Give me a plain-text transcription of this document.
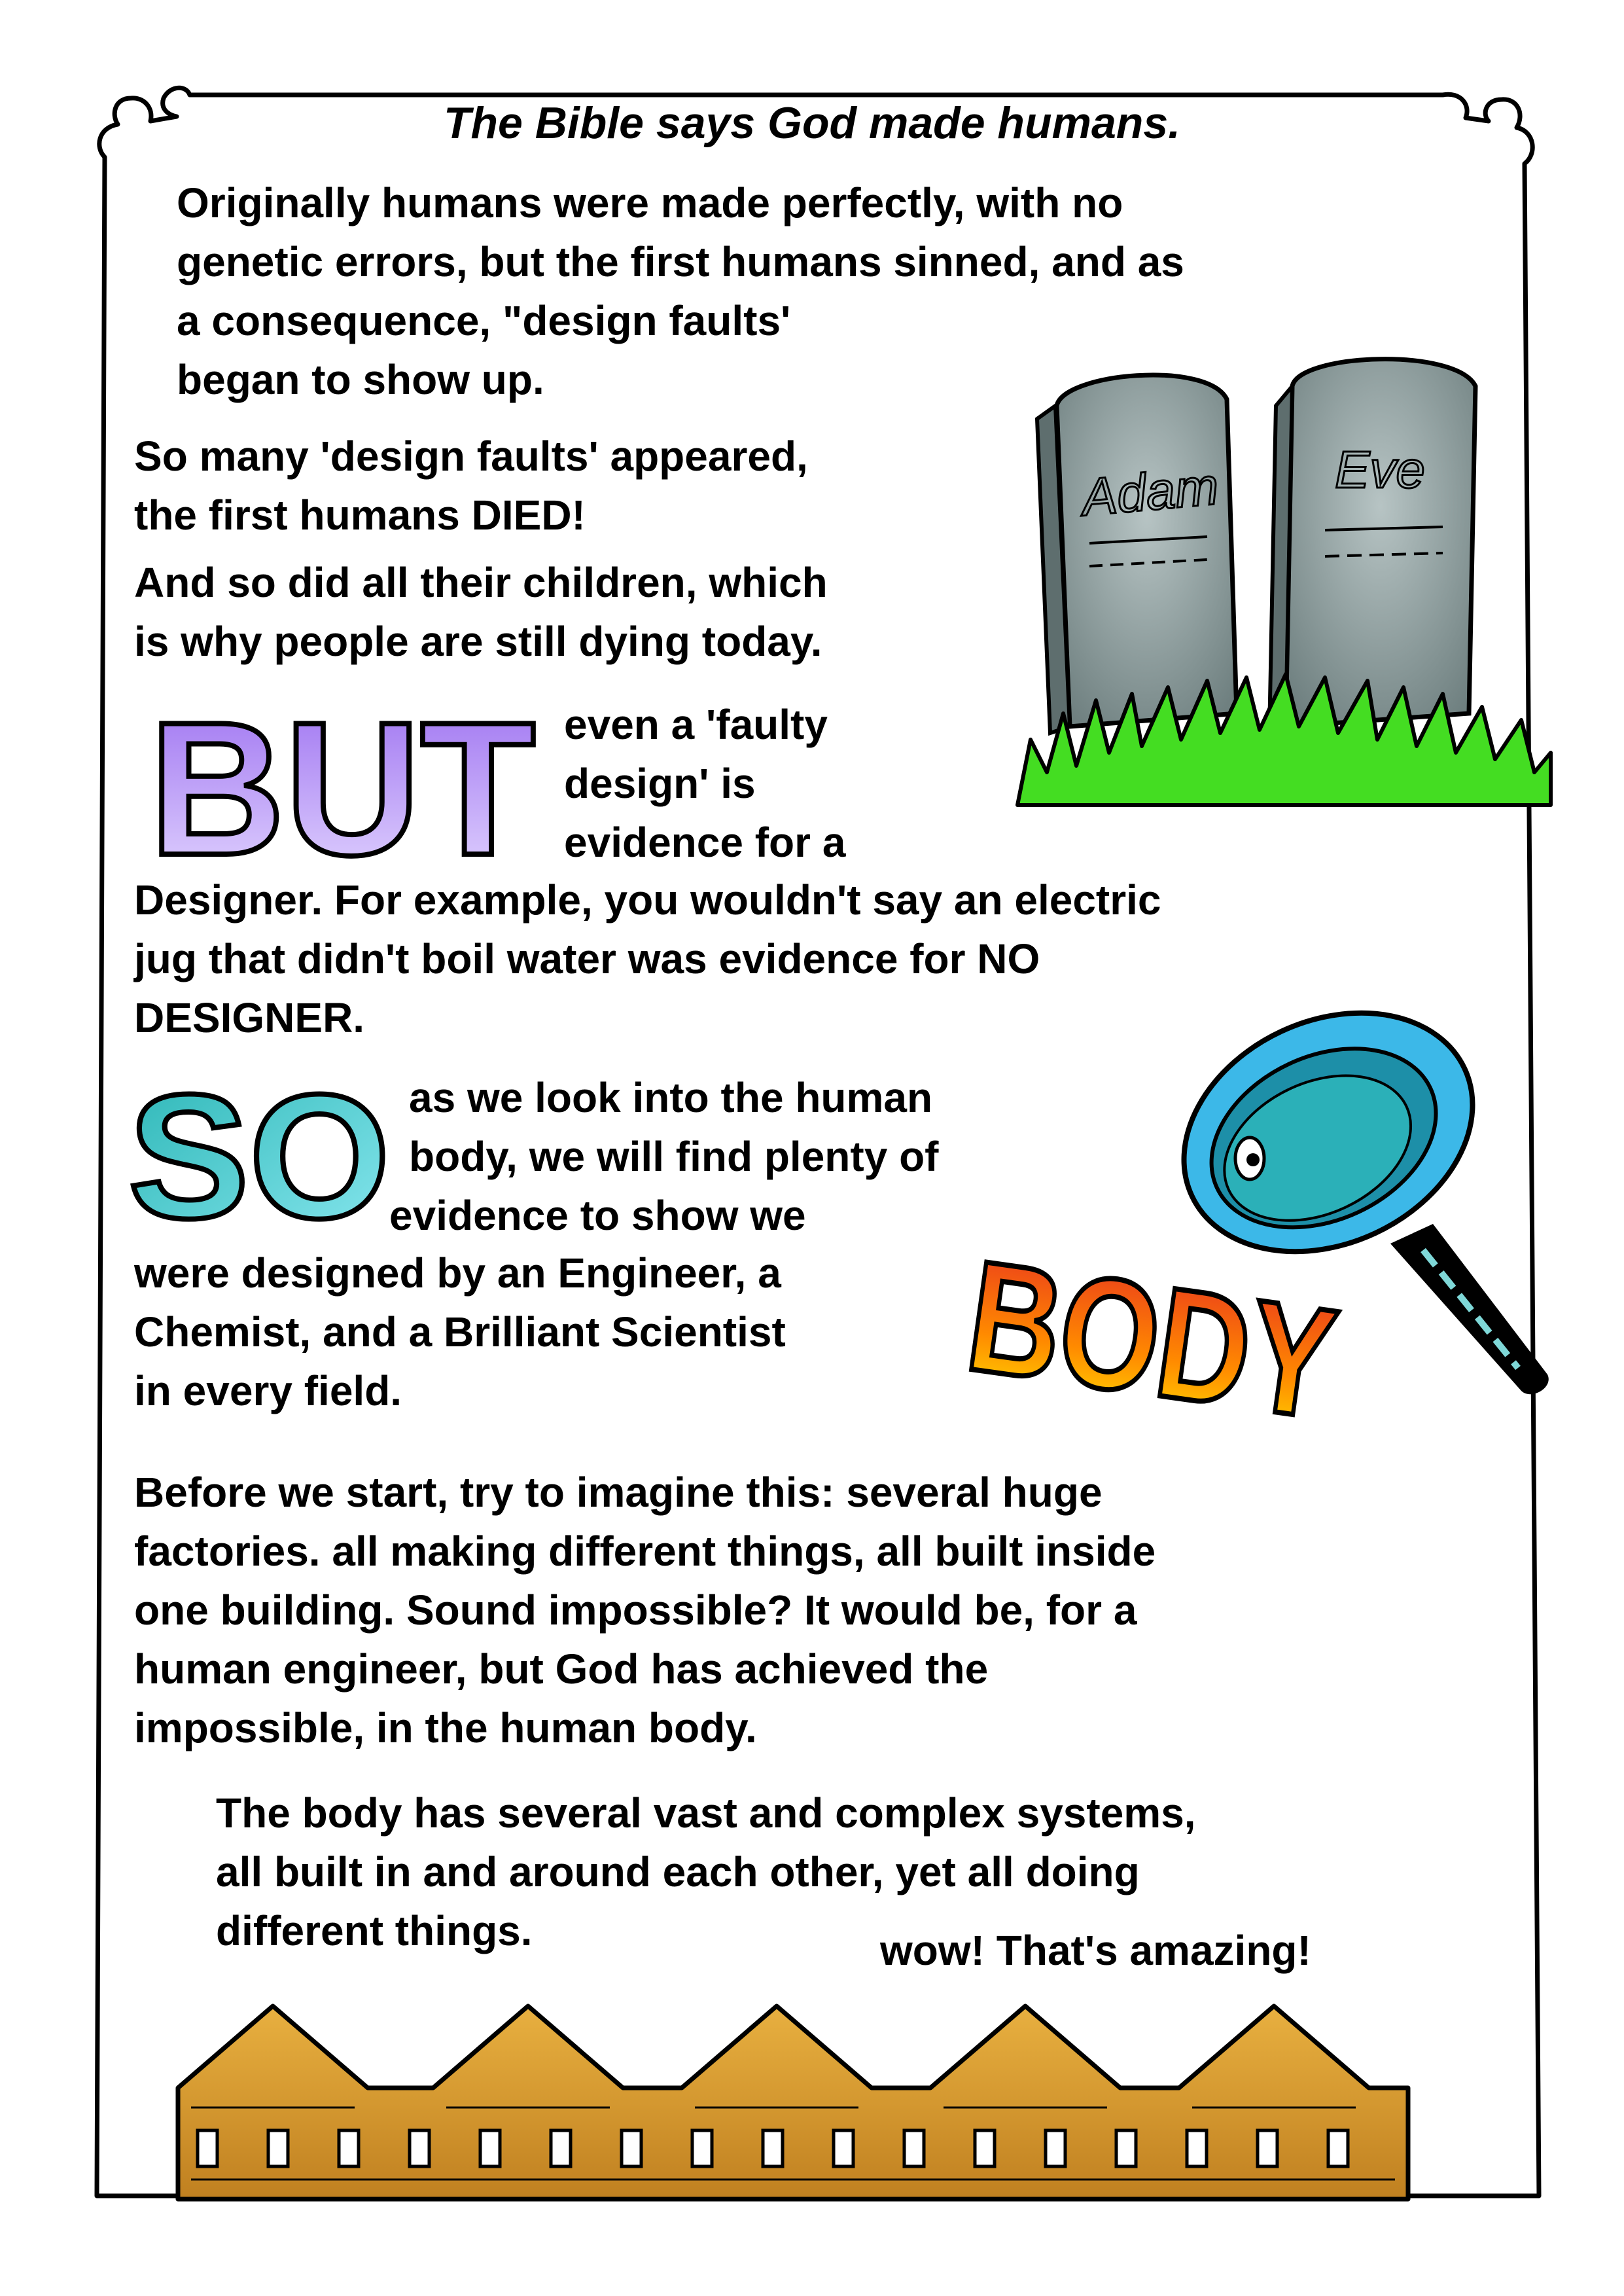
The Bible says God made humans.
Originally humans were made perfectly, with no
genetic errors, but the first humans sinned, and as
a consequence, "design faults'
began to show up.
So many 'design faults' appeared,
the first humans DIED!
And so did all their children, which
is why people are still dying today.
Adam Eve
BUT even a 'faulty
design' is
evidence for a
Designer. For example, you wouldn't say an electric
jug that didn't boil water was evidence for NO
DESIGNER.
SO as we look into the human
body, we will find plenty of
evidence to show we
were designed by an Engineer, a
Chemist, and a Brilliant Scientist
in every field.	BODY
Before we start, try to imagine this: several huge
factories. all making different things, all built inside
one building. Sound impossible? It would be, for a
human engineer, but God has achieved the
impossible, in the human body.
The body has several vast and complex systems,
all built in and around each other, yet all doing
different things.	wow! That's amazing!
